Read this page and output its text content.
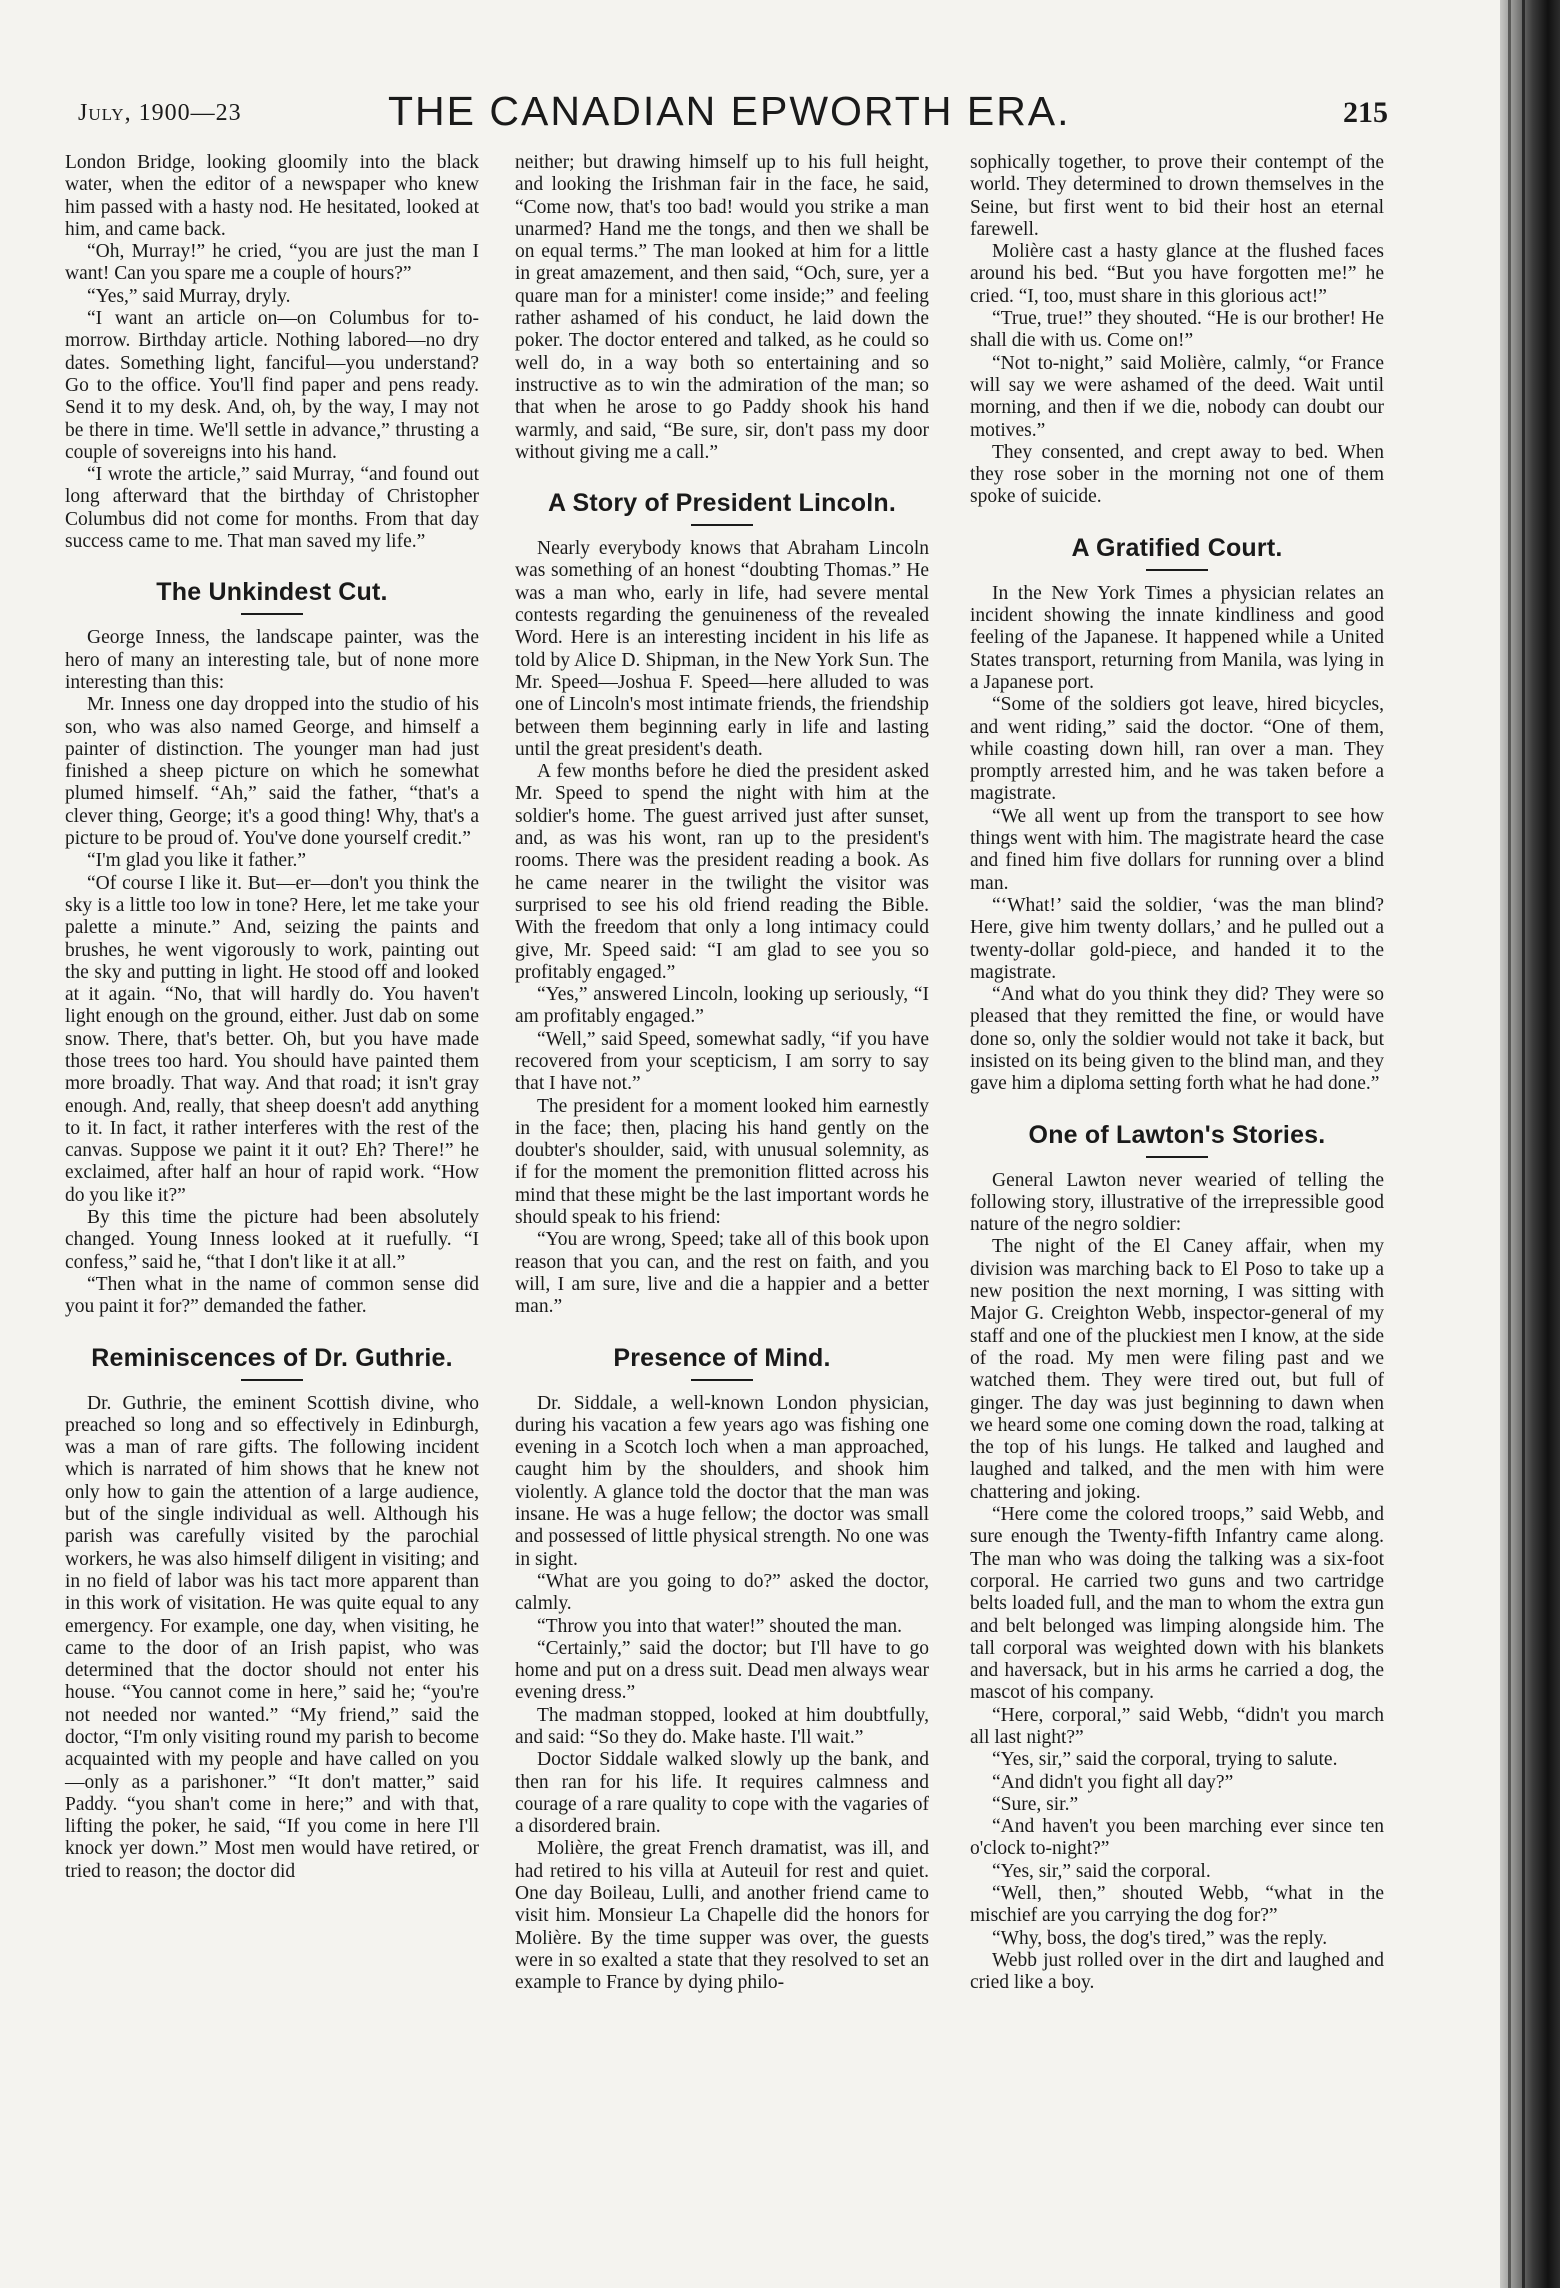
July, 1900—23	THE CANADIAN EPWORTH ERA.	215

London Bridge, looking gloomily into the black water, when the editor of a newspaper who knew him passed with a hasty nod. He hesitated, looked at him, and came back.

“Oh, Murray!” he cried, “you are just the man I want! Can you spare me a couple of hours?”

“Yes,” said Murray, dryly.

“I want an article on—on Columbus for to-morrow. Birthday article. Nothing labored—no dry dates. Something light, fanciful—you understand? Go to the office. You'll find paper and pens ready. Send it to my desk. And, oh, by the way, I may not be there in time. We'll settle in advance,” thrusting a couple of sovereigns into his hand.

“I wrote the article,” said Murray, “and found out long afterward that the birthday of Christopher Columbus did not come for months. From that day success came to me. That man saved my life.”

The Unkindest Cut.

George Inness, the landscape painter, was the hero of many an interesting tale, but of none more interesting than this:

Mr. Inness one day dropped into the studio of his son, who was also named George, and himself a painter of distinction. The younger man had just finished a sheep picture on which he somewhat plumed himself. “Ah,” said the father, “that's a clever thing, George; it's a good thing! Why, that's a picture to be proud of. You've done yourself credit.”

“I'm glad you like it father.”

“Of course I like it. But—er—don't you think the sky is a little too low in tone? Here, let me take your palette a minute.” And, seizing the paints and brushes, he went vigorously to work, painting out the sky and putting in light. He stood off and looked at it again. “No, that will hardly do. You haven't light enough on the ground, either. Just dab on some snow. There, that's better. Oh, but you have made those trees too hard. You should have painted them more broadly. That way. And that road; it isn't gray enough. And, really, that sheep doesn't add anything to it. In fact, it rather interferes with the rest of the canvas. Suppose we paint it it out? Eh? There!” he exclaimed, after half an hour of rapid work. “How do you like it?”

By this time the picture had been absolutely changed. Young Inness looked at it ruefully. “I confess,” said he, “that I don't like it at all.”

“Then what in the name of common sense did you paint it for?” demanded the father.

Reminiscences of Dr. Guthrie.

Dr. Guthrie, the eminent Scottish divine, who preached so long and so effectively in Edinburgh, was a man of rare gifts. The following incident which is narrated of him shows that he knew not only how to gain the attention of a large audience, but of the single individual as well. Although his parish was carefully visited by the parochial workers, he was also himself diligent in visiting; and in no field of labor was his tact more apparent than in this work of visitation. He was quite equal to any emergency. For example, one day, when visiting, he came to the door of an Irish papist, who was determined that the doctor should not enter his house. “You cannot come in here,” said he; “you're not needed nor wanted.” “My friend,” said the doctor, “I'm only visiting round my parish to become acquainted with my people and have called on you—only as a parishoner.” “It don't matter,” said Paddy. “you shan't come in here;” and with that, lifting the poker, he said, “If you come in here I'll knock yer down.” Most men would have retired, or tried to reason; the doctor did

neither; but drawing himself up to his full height, and looking the Irishman fair in the face, he said, “Come now, that's too bad! would you strike a man unarmed? Hand me the tongs, and then we shall be on equal terms.” The man looked at him for a little in great amazement, and then said, “Och, sure, yer a quare man for a minister! come inside;” and feeling rather ashamed of his conduct, he laid down the poker. The doctor entered and talked, as he could so well do, in a way both so entertaining and so instructive as to win the admiration of the man; so that when he arose to go Paddy shook his hand warmly, and said, “Be sure, sir, don't pass my door without giving me a call.”

A Story of President Lincoln.

Nearly everybody knows that Abraham Lincoln was something of an honest “doubting Thomas.” He was a man who, early in life, had severe mental contests regarding the genuineness of the revealed Word. Here is an interesting incident in his life as told by Alice D. Shipman, in the New York Sun. The Mr. Speed—Joshua F. Speed—here alluded to was one of Lincoln's most intimate friends, the friendship between them beginning early in life and lasting until the great president's death.

A few months before he died the president asked Mr. Speed to spend the night with him at the soldier's home. The guest arrived just after sunset, and, as was his wont, ran up to the president's rooms. There was the president reading a book. As he came nearer in the twilight the visitor was surprised to see his old friend reading the Bible. With the freedom that only a long intimacy could give, Mr. Speed said: “I am glad to see you so profitably engaged.”

“Yes,” answered Lincoln, looking up seriously, “I am profitably engaged.”

“Well,” said Speed, somewhat sadly, “if you have recovered from your scepticism, I am sorry to say that I have not.”

The president for a moment looked him earnestly in the face; then, placing his hand gently on the doubter's shoulder, said, with unusual solemnity, as if for the moment the premonition flitted across his mind that these might be the last important words he should speak to his friend:

“You are wrong, Speed; take all of this book upon reason that you can, and the rest on faith, and you will, I am sure, live and die a happier and a better man.”

Presence of Mind.

Dr. Siddale, a well-known London physician, during his vacation a few years ago was fishing one evening in a Scotch loch when a man approached, caught him by the shoulders, and shook him violently. A glance told the doctor that the man was insane. He was a huge fellow; the doctor was small and possessed of little physical strength. No one was in sight.

“What are you going to do?” asked the doctor, calmly.

“Throw you into that water!” shouted the man.

“Certainly,” said the doctor; but I'll have to go home and put on a dress suit. Dead men always wear evening dress.”

The madman stopped, looked at him doubtfully, and said: “So they do. Make haste. I'll wait.”

Doctor Siddale walked slowly up the bank, and then ran for his life. It requires calmness and courage of a rare quality to cope with the vagaries of a disordered brain.

Molière, the great French dramatist, was ill, and had retired to his villa at Auteuil for rest and quiet. One day Boileau, Lulli, and another friend came to visit him. Monsieur La Chapelle did the honors for Molière. By the time supper was over, the guests were in so exalted a state that they resolved to set an example to France by dying philo-

sophically together, to prove their contempt of the world. They determined to drown themselves in the Seine, but first went to bid their host an eternal farewell.

Molière cast a hasty glance at the flushed faces around his bed. “But you have forgotten me!” he cried. “I, too, must share in this glorious act!”

“True, true!” they shouted. “He is our brother! He shall die with us. Come on!”

“Not to-night,” said Molière, calmly, “or France will say we were ashamed of the deed. Wait until morning, and then if we die, nobody can doubt our motives.”

They consented, and crept away to bed. When they rose sober in the morning not one of them spoke of suicide.

A Gratified Court.

In the New York Times a physician relates an incident showing the innate kindliness and good feeling of the Japanese. It happened while a United States transport, returning from Manila, was lying in a Japanese port.

“Some of the soldiers got leave, hired bicycles, and went riding,” said the doctor. “One of them, while coasting down hill, ran over a man. They promptly arrested him, and he was taken before a magistrate.

“We all went up from the transport to see how things went with him. The magistrate heard the case and fined him five dollars for running over a blind man.

“‘What!’ said the soldier, ‘was the man blind? Here, give him twenty dollars,’ and he pulled out a twenty-dollar gold-piece, and handed it to the magistrate.

“And what do you think they did? They were so pleased that they remitted the fine, or would have done so, only the soldier would not take it back, but insisted on its being given to the blind man, and they gave him a diploma setting forth what he had done.”

One of Lawton's Stories.

General Lawton never wearied of telling the following story, illustrative of the irrepressible good nature of the negro soldier:

The night of the El Caney affair, when my division was marching back to El Poso to take up a new position the next morning, I was sitting with Major G. Creighton Webb, inspector-general of my staff and one of the pluckiest men I know, at the side of the road. My men were filing past and we watched them. They were tired out, but full of ginger. The day was just beginning to dawn when we heard some one coming down the road, talking at the top of his lungs. He talked and laughed and laughed and talked, and the men with him were chattering and joking.

“Here come the colored troops,” said Webb, and sure enough the Twenty-fifth Infantry came along. The man who was doing the talking was a six-foot corporal. He carried two guns and two cartridge belts loaded full, and the man to whom the extra gun and belt belonged was limping alongside him. The tall corporal was weighted down with his blankets and haversack, but in his arms he carried a dog, the mascot of his company.

“Here, corporal,” said Webb, “didn't you march all last night?”

“Yes, sir,” said the corporal, trying to salute.

“And didn't you fight all day?”

“Sure, sir.”

“And haven't you been marching ever since ten o'clock to-night?”

“Yes, sir,” said the corporal.

“Well, then,” shouted Webb, “what in the mischief are you carrying the dog for?”

“Why, boss, the dog's tired,” was the reply.

Webb just rolled over in the dirt and laughed and cried like a boy.
